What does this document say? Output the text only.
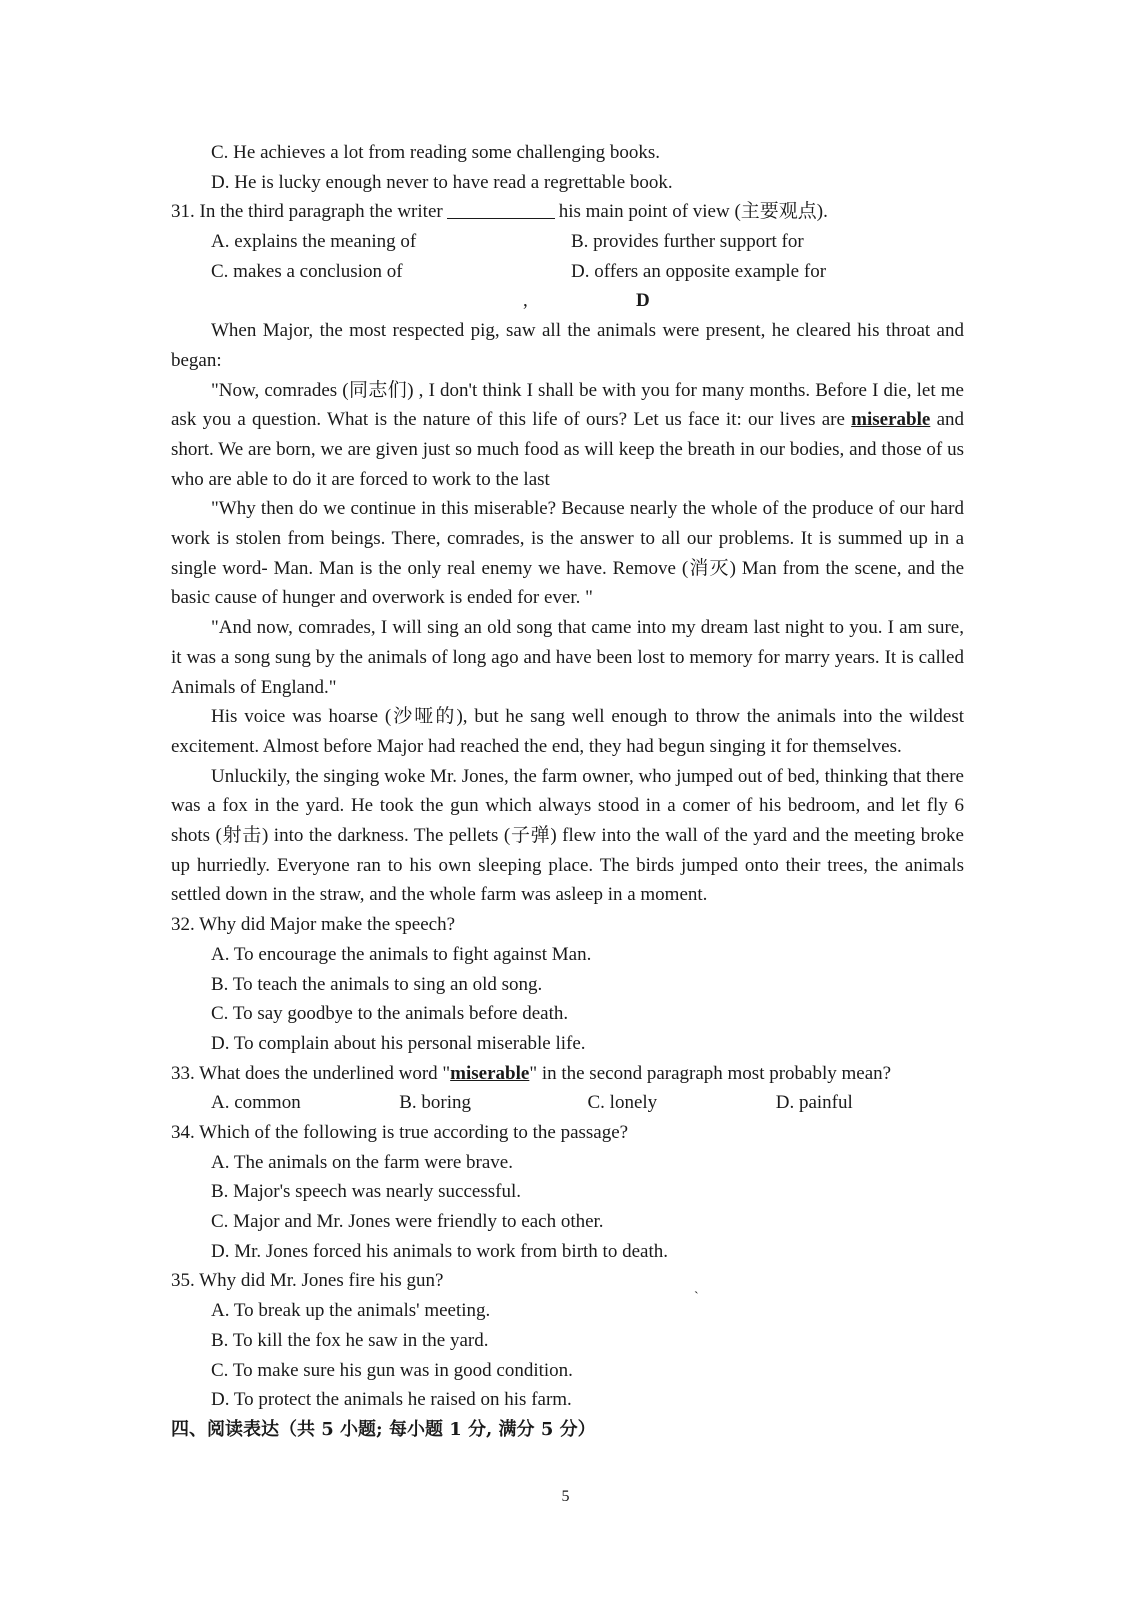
C. He achieves a lot from reading some challenging books.
D. He is lucky enough never to have read a regrettable book.
31. In the third paragraph the writer	his main point of view (主要观点).
A. explains the meaning of	B. provides further support for
C. makes a conclusion of	D. offers an opposite example for
,	D
When Major, the most respected pig, saw all the animals were present, he cleared his throat and began:
"Now, comrades (同志们) , I don't think I shall be with you for many months. Before I die, let me ask you a question. What is the nature of this life of ours? Let us face it: our lives are miserable and short. We are born, we are given just so much food as will keep the breath in our bodies, and those of us who are able to do it are forced to work to the last
"Why then do we continue in this miserable? Because nearly the whole of the produce of our hard work is stolen from beings. There, comrades, is the answer to all our problems. It is summed up in a single word- Man. Man is the only real enemy we have. Remove (消灭) Man from the scene, and the basic cause of hunger and overwork is ended for ever. "
"And now, comrades, I will sing an old song that came into my dream last night to you. I am sure, it was a song sung by the animals of long ago and have been lost to memory for marry years. It is called Animals of England."
His voice was hoarse (沙哑的), but he sang well enough to throw the animals into the wildest excitement. Almost before Major had reached the end, they had begun singing it for themselves.
Unluckily, the singing woke Mr. Jones, the farm owner, who jumped out of bed, thinking that there was a fox in the yard. He took the gun which always stood in a comer of his bedroom, and let fly 6 shots (射击) into the darkness. The pellets (子弹) flew into the wall of the yard and the meeting broke up hurriedly. Everyone ran to his own sleeping place. The birds jumped onto their trees, the animals settled down in the straw, and the whole farm was asleep in a moment.
32. Why did Major make the speech?
A. To encourage the animals to fight against Man.
B. To teach the animals to sing an old song.
C. To say goodbye to the animals before death.
D. To complain about his personal miserable life.
33. What does the underlined word "miserable" in the second paragraph most probably mean?
A. common	B. boring	C. lonely	D. painful
34. Which of the following is true according to the passage?
A. The animals on the farm were brave.
B. Major's speech was nearly successful.
C. Major and Mr. Jones were friendly to each other.
D. Mr. Jones forced his animals to work from birth to death.
35. Why did Mr. Jones fire his gun?
A. To break up the animals' meeting.
B. To kill the fox he saw in the yard.
C. To make sure his gun was in good condition.
D. To protect the animals he raised on his farm.
四、阅读表达（共 5 小题; 每小题 1 分, 满分 5 分）
`
5
